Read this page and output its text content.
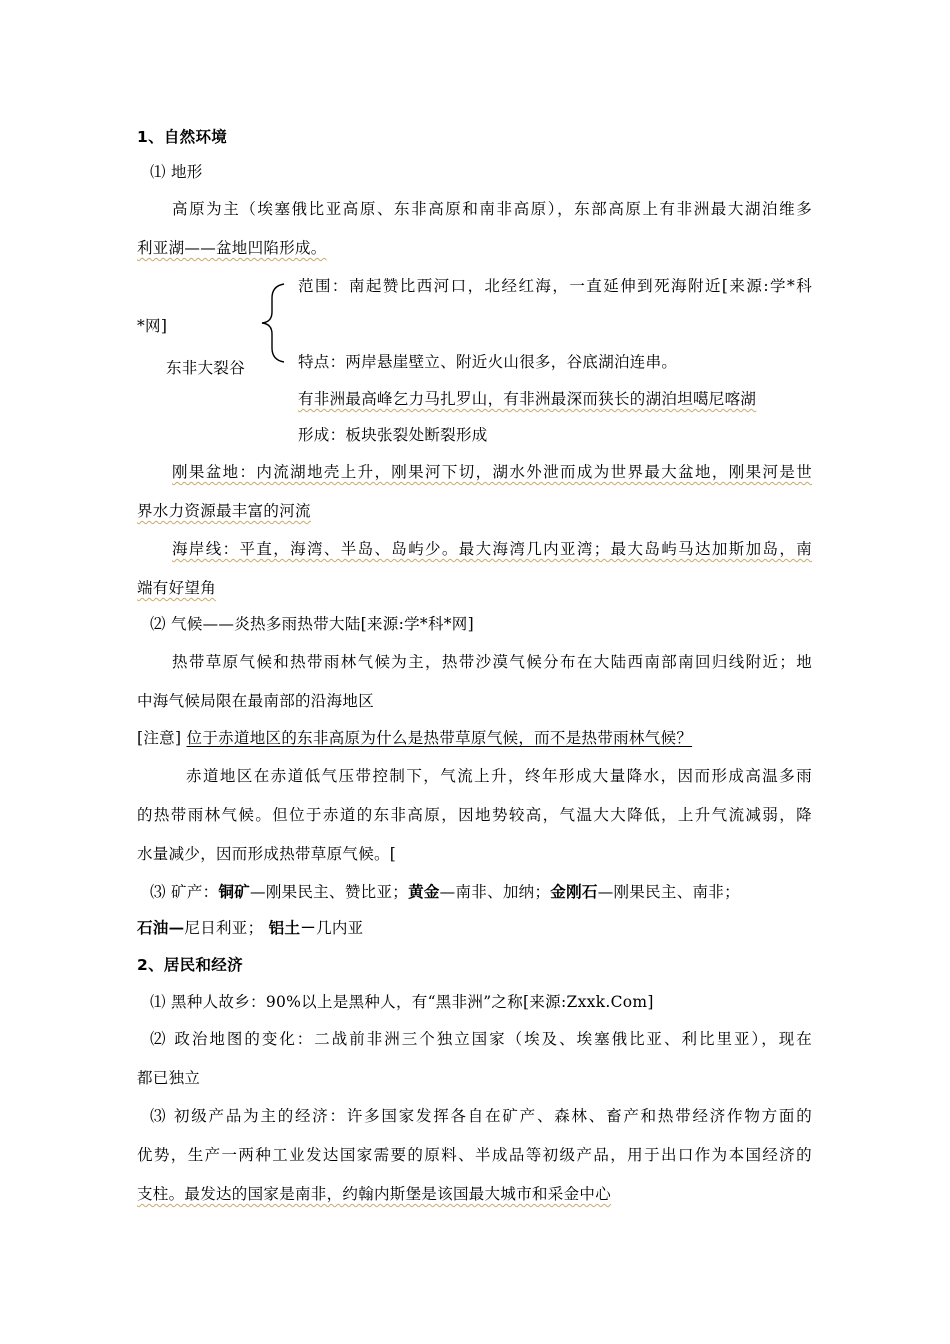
1、自然环境
⑴ 地形
高原为主（埃塞俄比亚高原、东非高原和南非高原），东部高原上有非洲最大湖泊维多
利亚湖——盆地凹陷形成。
范围：南起赞比西河口，北经红海，一直延伸到死海附近[来源:学*科
*网]
东非大裂谷	特点：两岸悬崖壁立、附近火山很多，谷底湖泊连串。
有非洲最高峰乞力马扎罗山，有非洲最深而狭长的湖泊坦噶尼喀湖
形成：板块张裂处断裂形成
刚果盆地：内流湖地壳上升，刚果河下切，湖水外泄而成为世界最大盆地，刚果河是世
界水力资源最丰富的河流
海岸线：平直，海湾、半岛、岛屿少。最大海湾几内亚湾；最大岛屿马达加斯加岛，南
端有好望角
⑵ 气候——炎热多雨热带大陆[来源:学*科*网]
热带草原气候和热带雨林气候为主，热带沙漠气候分布在大陆西南部南回归线附近；地
中海气候局限在最南部的沿海地区
[注意] 位于赤道地区的东非高原为什么是热带草原气候，而不是热带雨林气候？
赤道地区在赤道低气压带控制下，气流上升，终年形成大量降水，因而形成高温多雨
的热带雨林气候。但位于赤道的东非高原，因地势较高，气温大大降低，上升气流减弱，降
水量减少，因而形成热带草原气候。[
⑶ 矿产：铜矿—刚果民主、赞比亚；黄金—南非、加纳；金刚石—刚果民主、南非；
石油—尼日利亚； 铝土－几内亚
2、居民和经济
⑴ 黑种人故乡：90%以上是黑种人，有“黑非洲”之称[来源:Zxxk.Com]
⑵ 政治地图的变化：二战前非洲三个独立国家（埃及、埃塞俄比亚、利比里亚），现在
都已独立
⑶ 初级产品为主的经济：许多国家发挥各自在矿产、森林、畜产和热带经济作物方面的
优势，生产一两种工业发达国家需要的原料、半成品等初级产品，用于出口作为本国经济的
支柱。最发达的国家是南非，约翰内斯堡是该国最大城市和采金中心
